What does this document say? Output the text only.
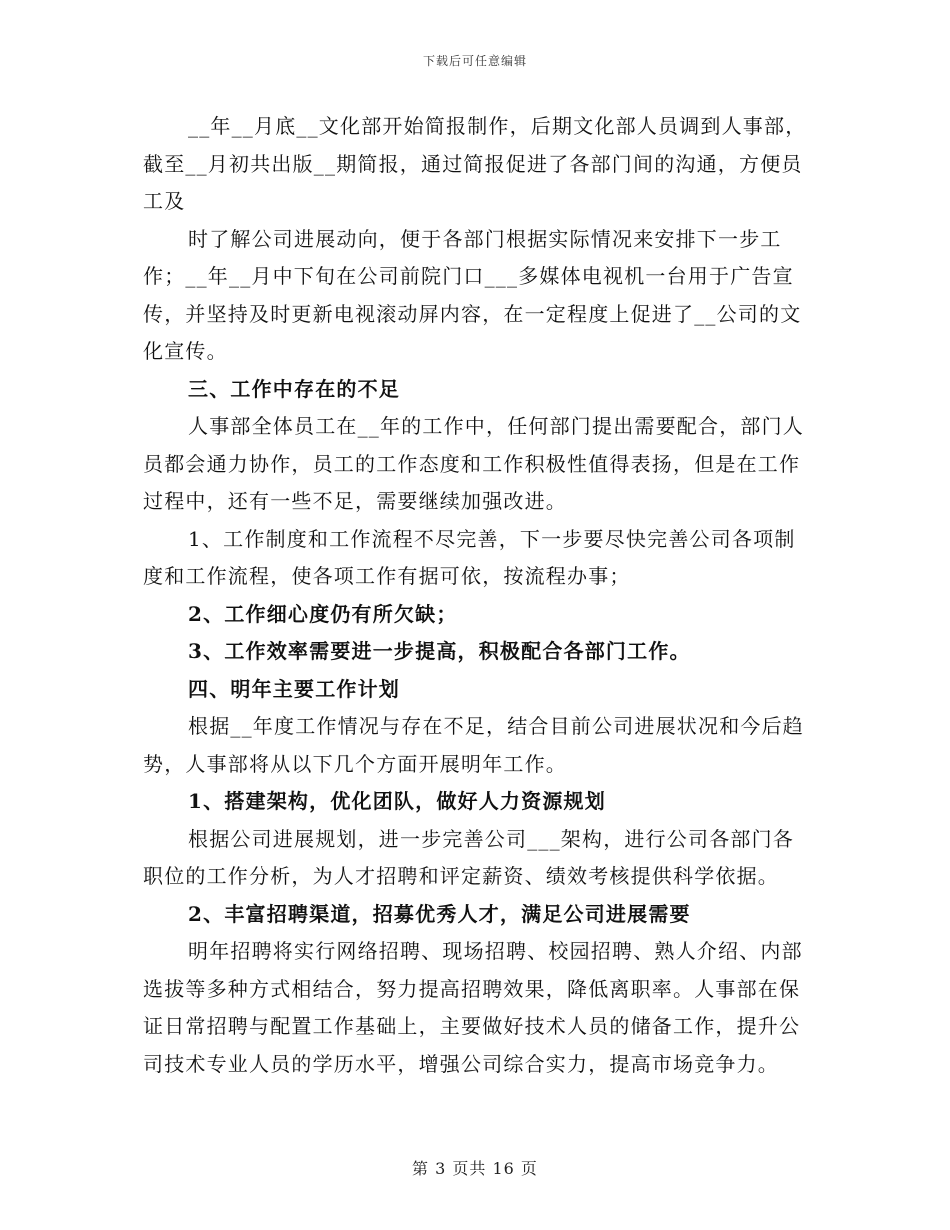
下载后可任意编辑

__年__月底__文化部开始简报制作，后期文化部人员调到人事部，截至__月初共出版__期简报，通过简报促进了各部门间的沟通，方便员工及

时了解公司进展动向，便于各部门根据实际情况来安排下一步工作；__年__月中下旬在公司前院门口___多媒体电视机一台用于广告宣传，并坚持及时更新电视滚动屏内容，在一定程度上促进了__公司的文化宣传。

三、工作中存在的不足

人事部全体员工在__年的工作中，任何部门提出需要配合，部门人员都会通力协作，员工的工作态度和工作积极性值得表扬，但是在工作过程中，还有一些不足，需要继续加强改进。

1、工作制度和工作流程不尽完善，下一步要尽快完善公司各项制度和工作流程，使各项工作有据可依，按流程办事；

2、工作细心度仍有所欠缺；

3、工作效率需要进一步提高，积极配合各部门工作。

四、明年主要工作计划

根据__年度工作情况与存在不足，结合目前公司进展状况和今后趋势，人事部将从以下几个方面开展明年工作。

1、搭建架构，优化团队，做好人力资源规划

根据公司进展规划，进一步完善公司___架构，进行公司各部门各职位的工作分析，为人才招聘和评定薪资、绩效考核提供科学依据。

2、丰富招聘渠道，招募优秀人才，满足公司进展需要

明年招聘将实行网络招聘、现场招聘、校园招聘、熟人介绍、内部选拔等多种方式相结合，努力提高招聘效果，降低离职率。人事部在保证日常招聘与配置工作基础上，主要做好技术人员的储备工作，提升公司技术专业人员的学历水平，增强公司综合实力，提高市场竞争力。

第 3 页共 16 页
